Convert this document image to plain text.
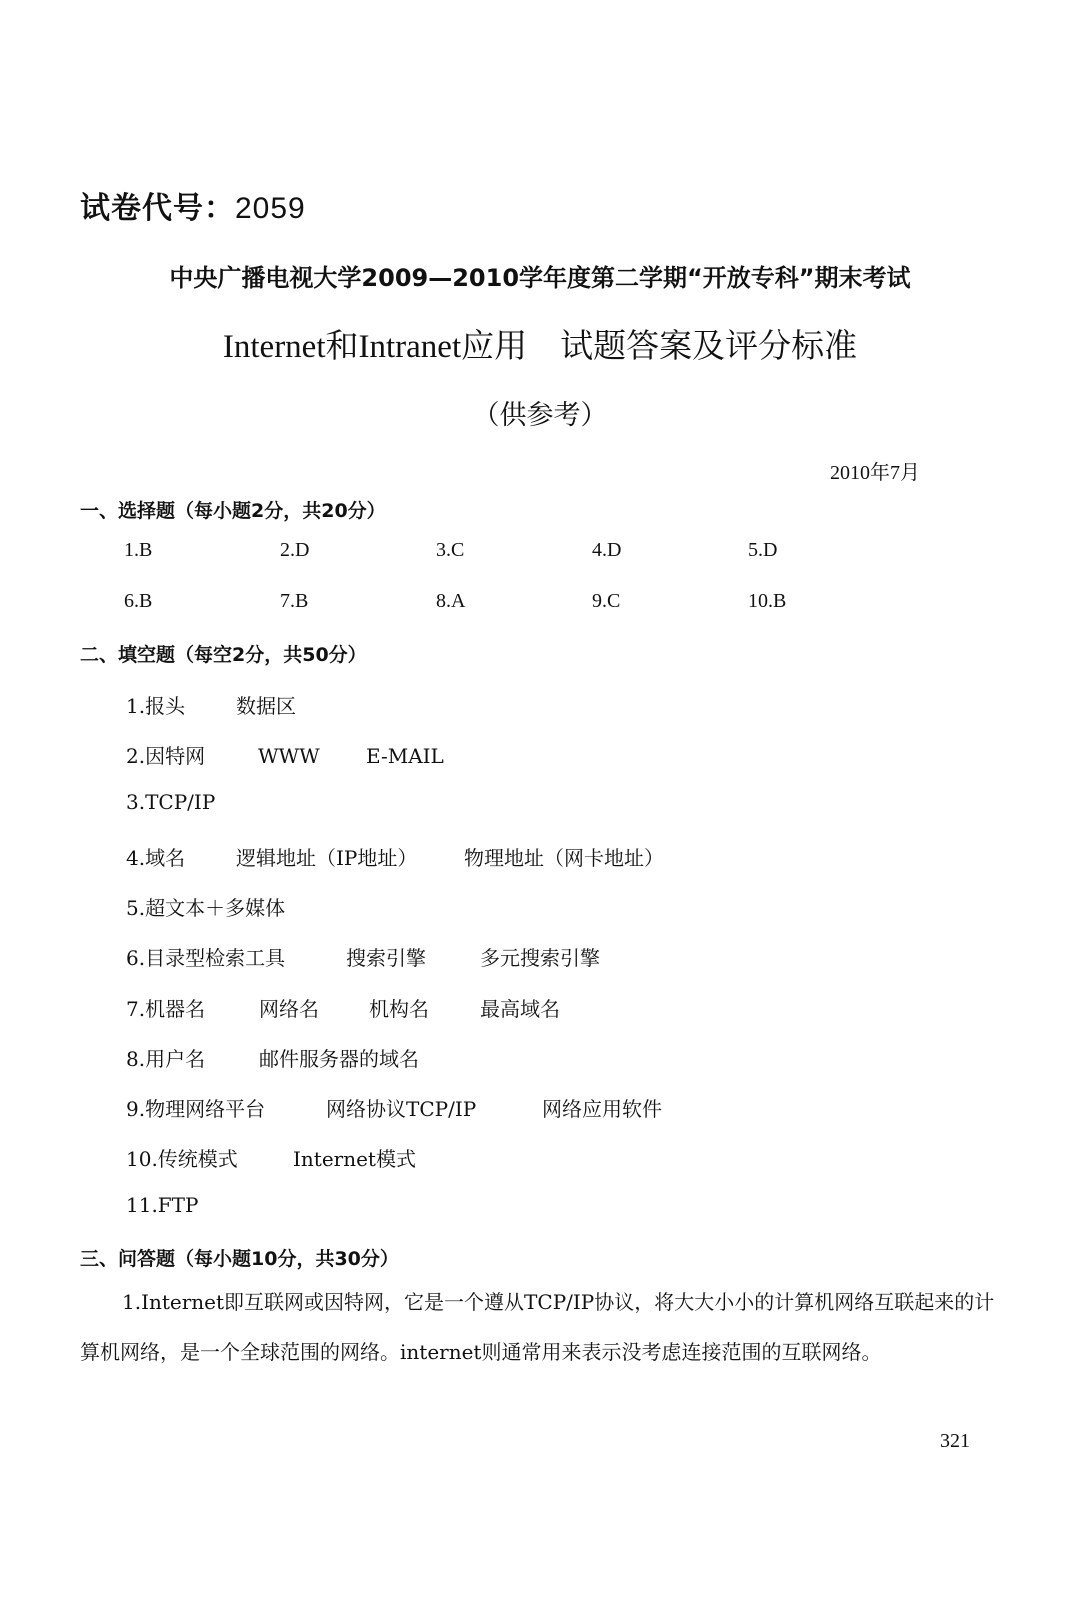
试卷代号：2059
中央广播电视大学2009—2010学年度第二学期“开放专科”期末考试
Internet和Intranet应用　试题答案及评分标准
（供参考）
2010年7月
一、选择题（每小题2分，共20分）
1.B	2.D	3.C	4.D	5.D
6.B	7.B	8.A	9.C	10.B
二、填空题（每空2分，共50分）
1.报头	数据区
2.因特网	WWW E-MAIL
3.TCP/IP
4.域名	逻辑地址（IP地址） 物理地址（网卡地址）
5.超文本＋多媒体
6.目录型检索工具	搜索引擎	多元搜索引擎
7.机器名	网络名	机构名	最高域名
8.用户名	邮件服务器的域名
9.物理网络平台	网络协议TCP/IP	网络应用软件
10.传统模式	Internet模式
11.FTP
三、问答题（每小题10分，共30分）
1.Internet即互联网或因特网，它是一个遵从TCP/IP协议，将大大小小的计算机网络互联起来的计算机网络，是一个全球范围的网络。internet则通常用来表示没考虑连接范围的互联网络。
321
